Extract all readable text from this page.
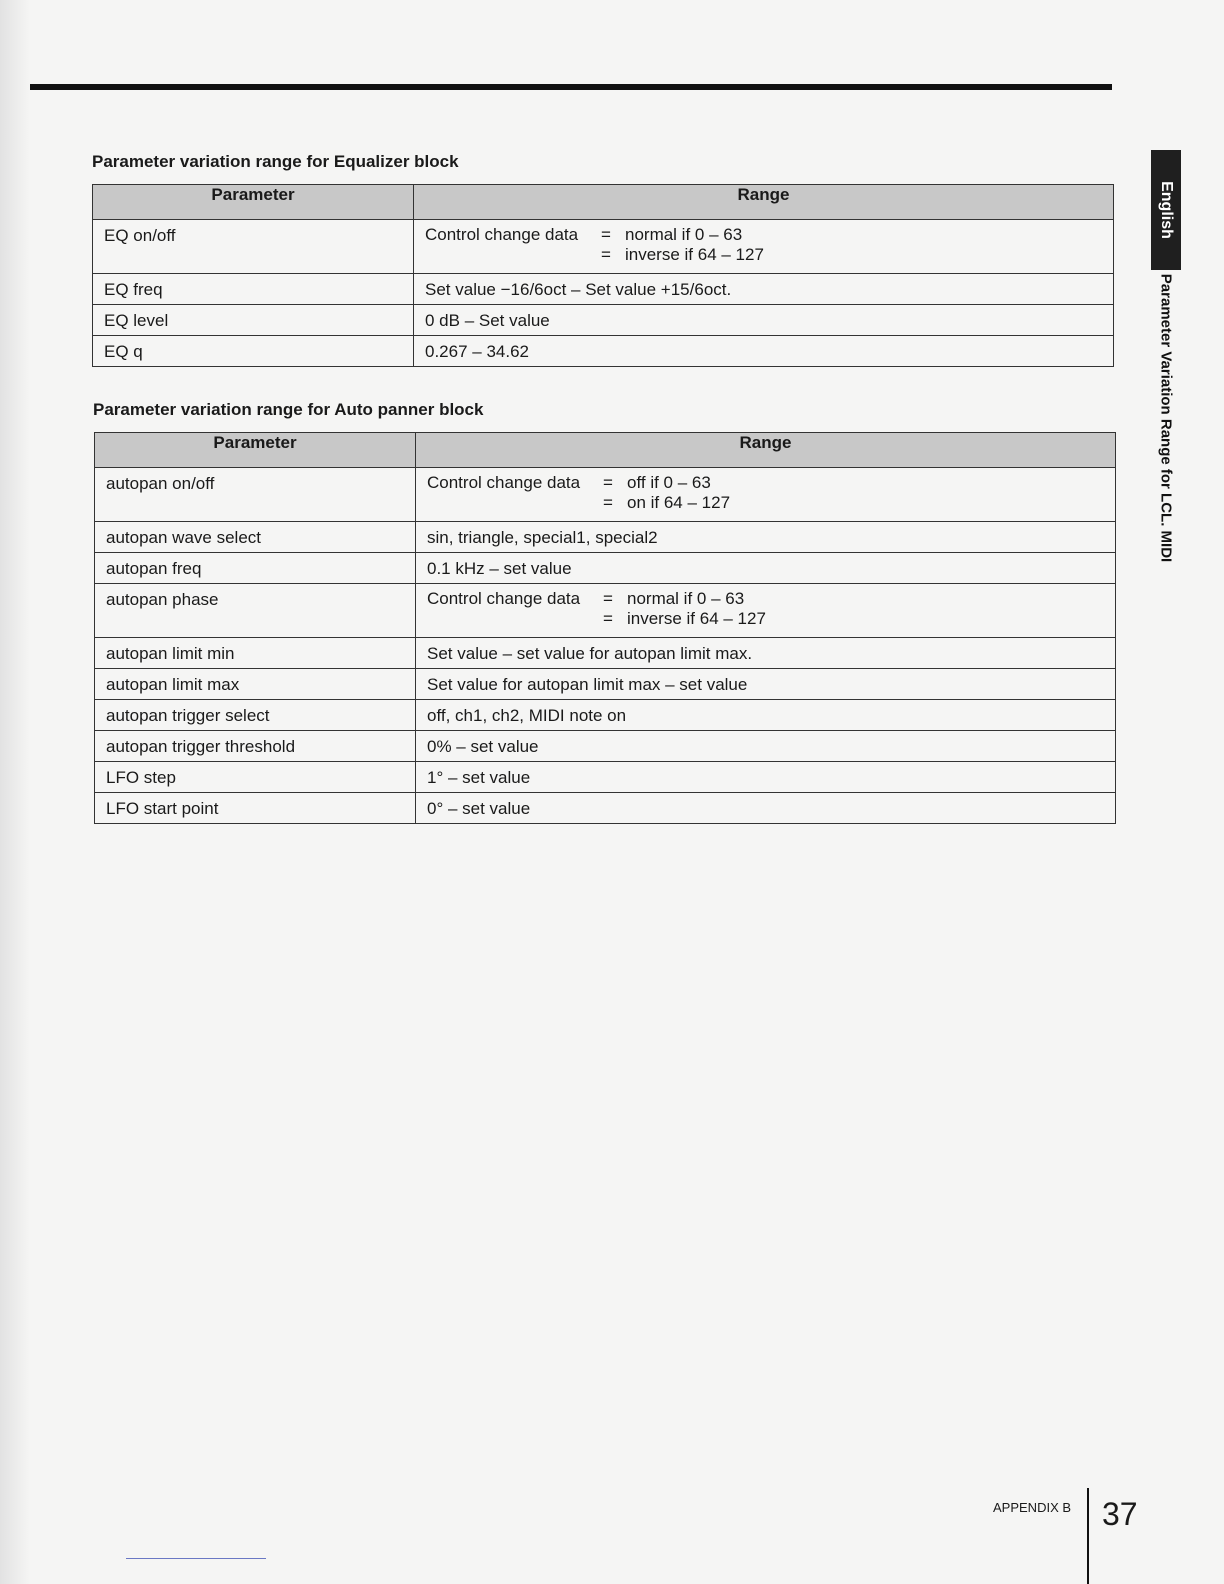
Parameter variation range for Equalizer block
Parameter	Range

EQ on/off	Control change data = normal if 0 – 63
= inverse if 64 – 127

EQ freq	Set value −16/6oct – Set value +15/6oct.

EQ level	0 dB – Set value

EQ q	0.267 – 34.62
Parameter variation range for Auto panner block
Parameter	Range

autopan on/off	Control change data = off if 0 – 63
= on if 64 – 127

autopan wave select	sin, triangle, special1, special2

autopan freq	0.1 kHz – set value

autopan phase	Control change data = normal if 0 – 63
= inverse if 64 – 127

autopan limit min	Set value – set value for autopan limit max.

autopan limit max	Set value for autopan limit max – set value

autopan trigger select	off, ch1, ch2, MIDI note on

autopan trigger threshold	0% – set value

LFO step	1° – set value

LFO start point	0° – set value
English
Parameter Variation Range for LCL. MIDI
APPENDIX B 37
